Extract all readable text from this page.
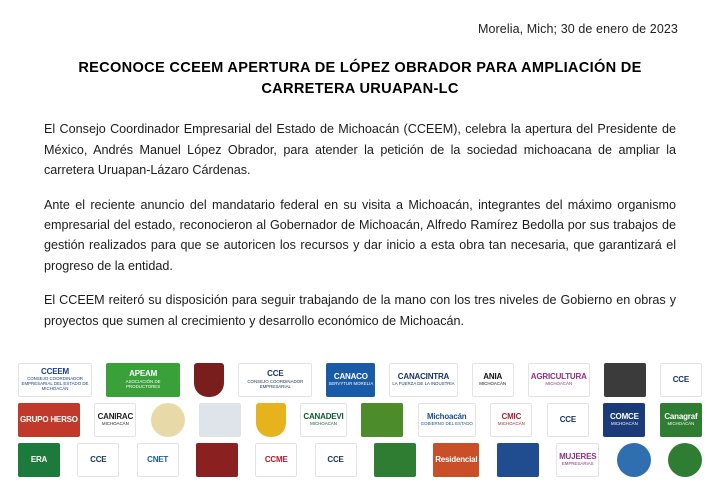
Morelia, Mich; 30 de enero de 2023
RECONOCE CCEEM APERTURA DE LÓPEZ OBRADOR PARA AMPLIACIÓN DE CARRETERA URUAPAN-LC

El Consejo Coordinador Empresarial del Estado de Michoacán (CCEEM), celebra la apertura del Presidente de México, Andrés Manuel López Obrador, para atender la petición de la sociedad michoacana de ampliar la carretera Uruapan-Lázaro Cárdenas.

Ante el reciente anuncio del mandatario federal en su visita a Michoacán, integrantes del máximo organismo empresarial del estado, reconocieron al Gobernador de Michoacán, Alfredo Ramírez Bedolla por sus trabajos de gestión realizados para que se autoricen los recursos y dar inicio a esta obra tan necesaria, que garantizará el progreso de la entidad.

El CCEEM reiteró su disposición para seguir trabajando de la mano con los tres niveles de Gobierno en obras y proyectos que sumen al crecimiento y desarrollo económico de Michoacán.

CCEEM
CONSEJO COORDINADOR EMPRESARIAL DEL ESTADO DE MICHOACÁN
APEAM
ASOCIACIÓN DE PRODUCTORES
CCE
CONSEJO COORDINADOR EMPRESARIAL
CANACO
SERVYTUR MORELIA
CANACINTRA
LA FUERZA DE LA INDUSTRIA
ANIA
MICHOACÁN
AGRICULTURA
MICHOACÁN	CCE
GRUPO HERSO CANIRAC
MICHOACÁN
CANADEVI
MICHOACÁN
Michoacán
GOBIERNO DEL ESTADO
CMIC
MICHOACÁN	CCE	COMCE
MICHOACÁN
Canagraf
MICHOACÁN
ERA	CCE	CNET	CCME	CCE	Residencial	MUJERES
EMPRESARIAS
